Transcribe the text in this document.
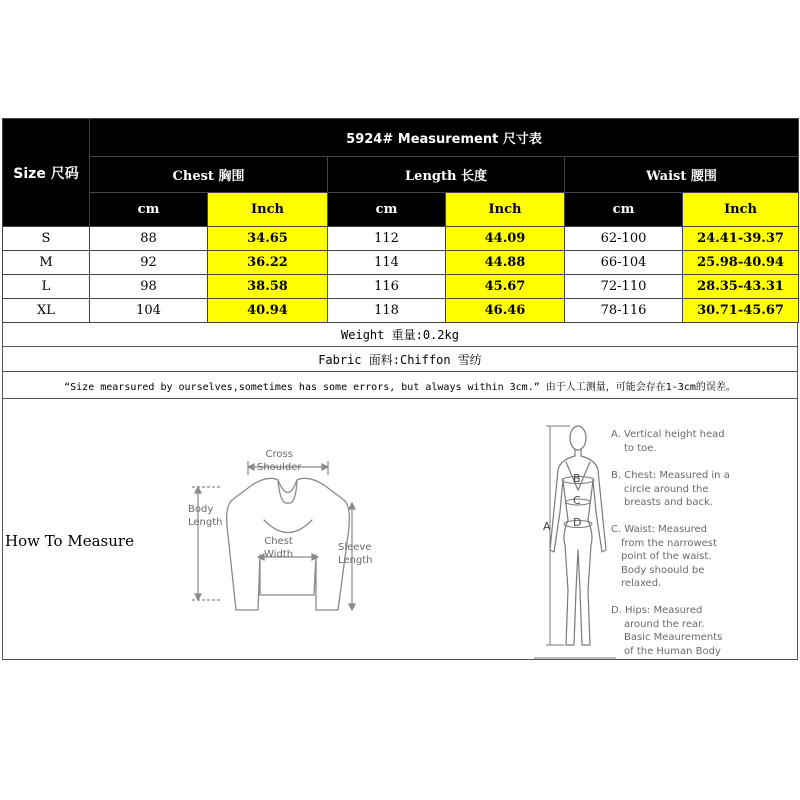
Size 尺码	5924# Measurement 尺寸表					
	Chest 胸围		Length 长度		Waist 腰围	
	cm	Inch	cm	Inch	cm	Inch
S	88	34.65	112	44.09	62-100	24.41-39.37
M	92	36.22	114	44.88	66-104	25.98-40.94
L	98	38.58	116	45.67	72-110	28.35-43.31
XL	104	40.94	118	46.46	78-116	30.71-45.67
Weight 重量:0.2kg
Fabric 面料:Chiffon 雪纺
“Size mearsured by ourselves,sometimes has some errors, but always within 3cm.” 由于人工测量，可能会存在1-3cm的误差。
How To Measure
Cross
Shoulder
Body
Length
Chest
Width
Sleeve
Length
A
B
C
D
A. Vertical height head
to toe.
B. Chest: Measured in a
circle around the
breasts and back.
C. Waist: Measured
from the narrowest
point of the waist.
Body shoould be
relaxed.
D. Hips: Measured
around the rear.
Basic Meaurements
of the Human Body
